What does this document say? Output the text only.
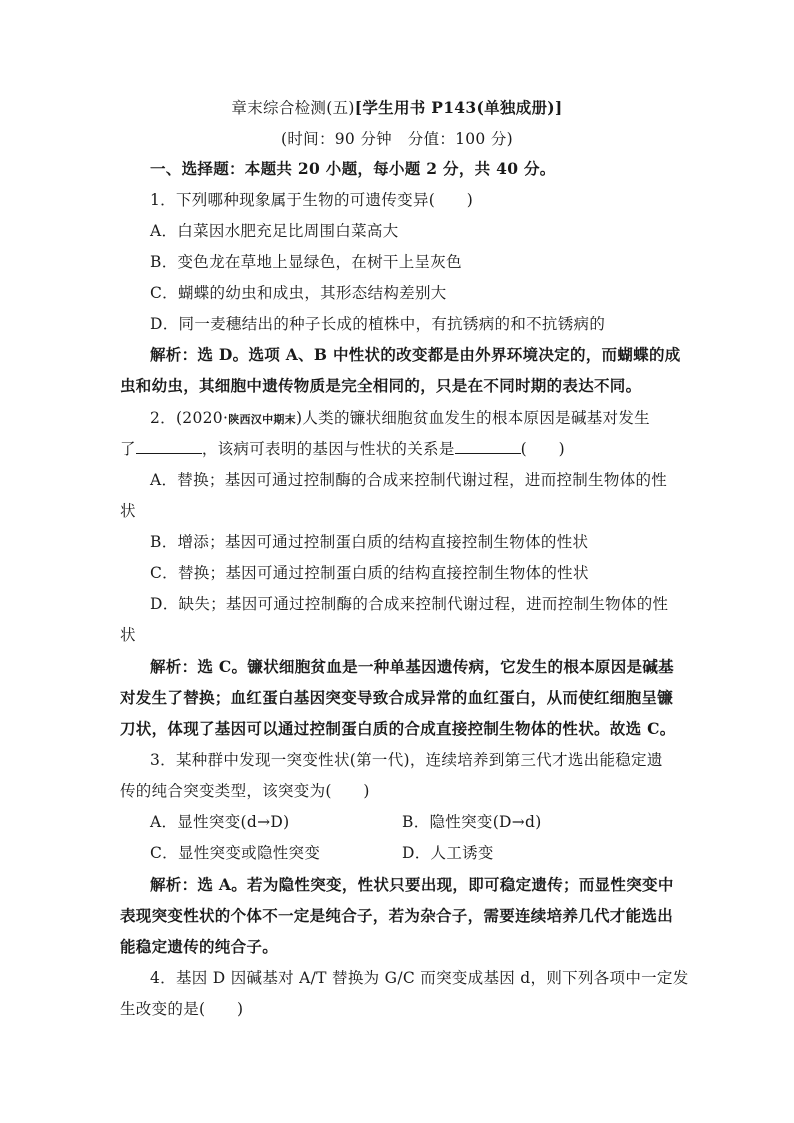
章末综合检测(五)[学生用书 P143(单独成册)]
(时间：90 分钟　分值：100 分)
一、选择题：本题共 20 小题，每小题 2 分，共 40 分。
1．下列哪种现象属于生物的可遗传变异(　　)
A．白菜因水肥充足比周围白菜高大
B．变色龙在草地上显绿色，在树干上呈灰色
C．蝴蝶的幼虫和成虫，其形态结构差别大
D．同一麦穗结出的种子长成的植株中，有抗锈病的和不抗锈病的
解析：选 D。选项 A、B 中性状的改变都是由外界环境决定的，而蝴蝶的成
虫和幼虫，其细胞中遗传物质是完全相同的，只是在不同时期的表达不同。
2．(2020·陕西汉中期末)人类的镰状细胞贫血发生的根本原因是碱基对发生
了	，该病可表明的基因与性状的关系是	(　　)
A．替换；基因可通过控制酶的合成来控制代谢过程，进而控制生物体的性
状
B．增添；基因可通过控制蛋白质的结构直接控制生物体的性状
C．替换；基因可通过控制蛋白质的结构直接控制生物体的性状
D．缺失；基因可通过控制酶的合成来控制代谢过程，进而控制生物体的性
状
解析：选 C。镰状细胞贫血是一种单基因遗传病，它发生的根本原因是碱基
对发生了替换；血红蛋白基因突变导致合成异常的血红蛋白，从而使红细胞呈镰
刀状，体现了基因可以通过控制蛋白质的合成直接控制生物体的性状。故选 C。
3．某种群中发现一突变性状(第一代)，连续培养到第三代才选出能稳定遗
传的纯合突变类型，该突变为(　　)
A．显性突变(d→D)	B．隐性突变(D→d)
C．显性突变或隐性突变	D．人工诱变
解析：选 A。若为隐性突变，性状只要出现，即可稳定遗传；而显性突变中
表现突变性状的个体不一定是纯合子，若为杂合子，需要连续培养几代才能选出
能稳定遗传的纯合子。
4．基因 D 因碱基对 A/T 替换为 G/C 而突变成基因 d，则下列各项中一定发
生改变的是(　　)
